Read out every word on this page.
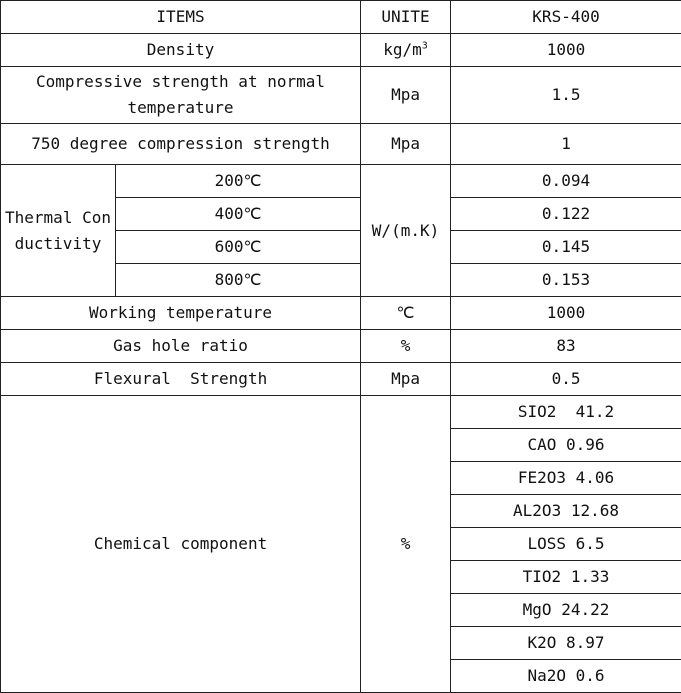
ITEMS		UNITE	KRS-400
Density		$kg/m^3$	1000
Compressive strength at normal temperature		Mpa	1.5
750 degree compression strength		Mpa	1
Thermal Conductivity	200℃	W/(m.K)	0.094
	400℃		0.122
	600℃		0.145
	800℃		0.153
Working temperature		℃	1000
Gas hole ratio		%	83
Flexural  Strength		Mpa	0.5
Chemical component		%	SIO2  41.2
			CAO 0.96
			FE2O3 4.06
			AL2O3 12.68
			LOSS 6.5
			TIO2 1.33
			MgO 24.22
			K2O 8.97
			Na2O 0.6
